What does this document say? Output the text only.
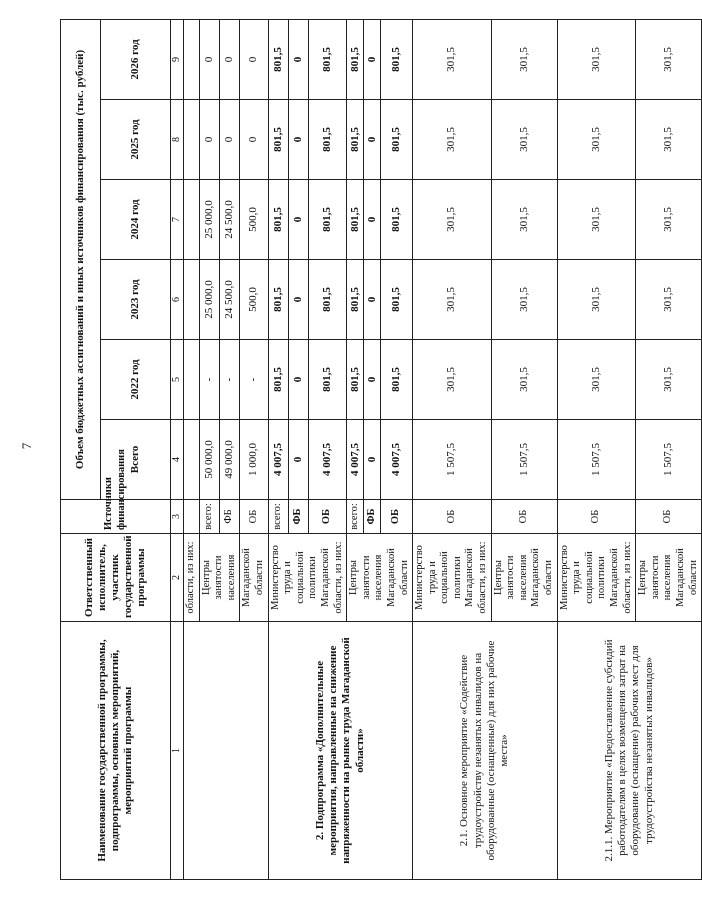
7
Наименование государственной программы, подпрограммы, основных мероприятий, мероприятий программы	Ответственный исполнитель, участник государственной программы	Источники финансирования	Объем бюджетных ассигнований и иных источников финансирования (тыс. рублей)					
			Всего	2022 год	2023 год	2024 год	2025 год	2026 год
1	2	3	4	5	6	7	8	9
	области, из них:							
	Центры занятости населения	всего:	50 000,0	-	25 000,0	25 000,0	0	0
		ФБ	49 000,0	-	24 500,0	24 500,0	0	0
	Магаданской области	ОБ	1 000,0	-	500,0	500,0	0	0
2. Подпрограмма «Дополнительные мероприятия, направленные на снижение напряженности на рынке труда Магаданской области»	Министерство труда и социальной политики Магаданской области, из них:	всего:	4 007,5	801,5	801,5	801,5	801,5	801,5
		ФБ	0	0	0	0	0	0
		ОБ	4 007,5	801,5	801,5	801,5	801,5	801,5
	Центры занятости населения Магаданской области	всего:	4 007,5	801,5	801,5	801,5	801,5	801,5
		ФБ	0	0	0	0	0	0
		ОБ	4 007,5	801,5	801,5	801,5	801,5	801,5
2.1. Основное мероприятие «Содействие трудоустройству незанятых инвалидов на оборудованные (оснащенные) для них рабочие места»	Министерство труда и социальной политики Магаданской области, из них:	ОБ	1 507,5	301,5	301,5	301,5	301,5	301,5
	Центры занятости населения Магаданской области	ОБ	1 507,5	301,5	301,5	301,5	301,5	301,5
2.1.1. Мероприятие «Предоставление субсидий работодателям в целях возмещения затрат на оборудование (оснащение) рабочих мест для трудоустройства незанятых инвалидов»	Министерство труда и социальной политики Магаданской области, из них:	ОБ	1 507,5	301,5	301,5	301,5	301,5	301,5
	Центры занятости населения Магаданской области	ОБ	1 507,5	301,5	301,5	301,5	301,5	301,5
